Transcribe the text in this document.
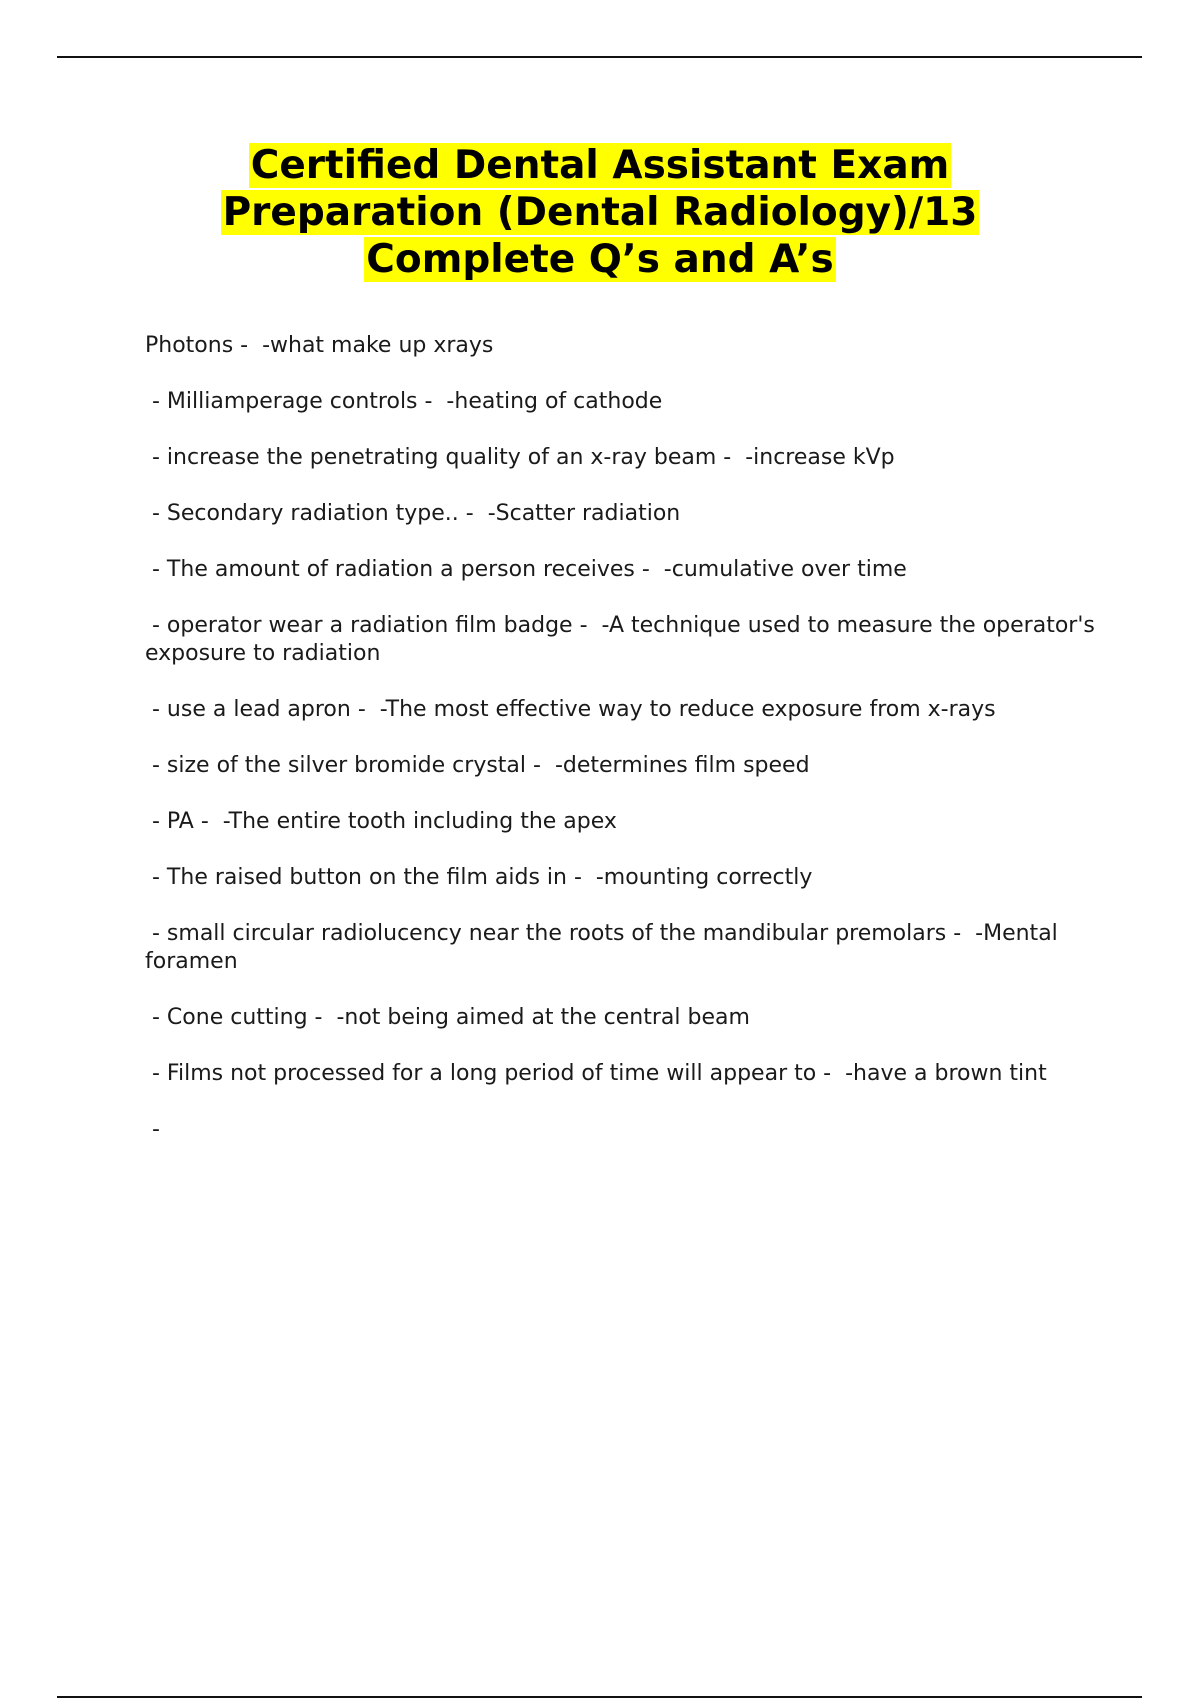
Certified Dental Assistant Exam
Preparation (Dental Radiology)/13
Complete Q’s and A’s
Photons -  -what make up xrays
- Milliamperage controls -  -heating of cathode
- increase the penetrating quality of an x-ray beam -  -increase kVp
- Secondary radiation type.. -  -Scatter radiation
- The amount of radiation a person receives -  -cumulative over time
- operator wear a radiation film badge -  -A technique used to measure the operator's exposure to radiation
- use a lead apron -  -The most effective way to reduce exposure from x-rays
- size of the silver bromide crystal -  -determines film speed
- PA -  -The entire tooth including the apex
- The raised button on the film aids in -  -mounting correctly
- small circular radiolucency near the roots of the mandibular premolars -  -Mental foramen
- Cone cutting -  -not being aimed at the central beam
- Films not processed for a long period of time will appear to -  -have a brown tint
-
